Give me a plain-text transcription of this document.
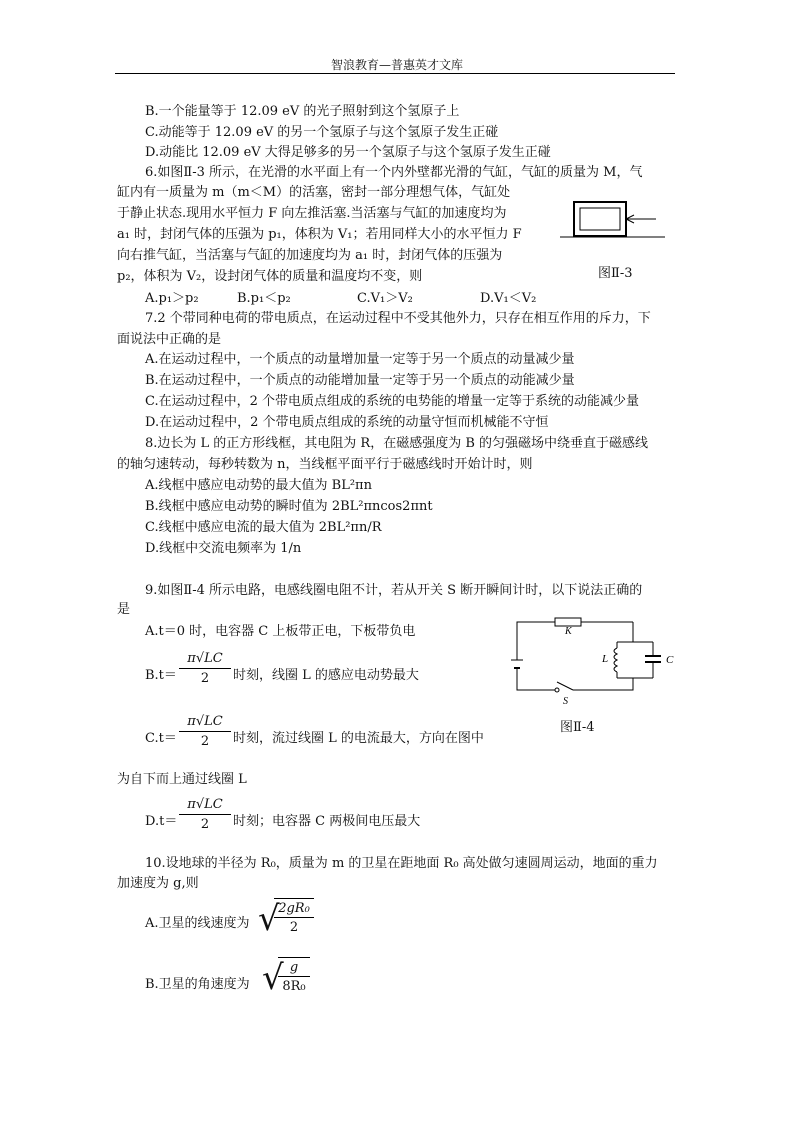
智浪教育—普惠英才文库
B.一个能量等于 12.09 eV 的光子照射到这个氢原子上
C.动能等于 12.09 eV 的另一个氢原子与这个氢原子发生正碰
D.动能比 12.09 eV 大得足够多的另一个氢原子与这个氢原子发生正碰
6.如图Ⅱ-3 所示，在光滑的水平面上有一个内外壁都光滑的气缸，气缸的质量为 M，气
缸内有一质量为 m（m＜M）的活塞，密封一部分理想气体，气缸处
于静止状态.现用水平恒力 F 向左推活塞.当活塞与气缸的加速度均为
a₁ 时，封闭气体的压强为 p₁，体积为 V₁；若用同样大小的水平恒力 F
向右推气缸，当活塞与气缸的加速度均为 a₁ 时，封闭气体的压强为
p₂，体积为 V₂，设封闭气体的质量和温度均不变，则	图Ⅱ-3
A.p₁＞p₂	B.p₁＜p₂	C.V₁＞V₂	D.V₁＜V₂
7.2 个带同种电荷的带电质点，在运动过程中不受其他外力，只存在相互作用的斥力，下
面说法中正确的是
A.在运动过程中，一个质点的动量增加量一定等于另一个质点的动量减少量
B.在运动过程中，一个质点的动能增加量一定等于另一个质点的动能减少量
C.在运动过程中，2 个带电质点组成的系统的电势能的增量一定等于系统的动能减少量
D.在运动过程中，2 个带电质点组成的系统的动量守恒而机械能不守恒
8.边长为 L 的正方形线框，其电阻为 R，在磁感强度为 B 的匀强磁场中绕垂直于磁感线
的轴匀速转动，每秒转数为 n，当线框平面平行于磁感线时开始计时，则
A.线框中感应电动势的最大值为 BL²πn
B.线框中感应电动势的瞬时值为 2BL²πncos2πnt
C.线框中感应电流的最大值为 2BL²πn/R
D.线框中交流电频率为 1/n
9.如图Ⅱ-4 所示电路，电感线圈电阻不计，若从开关 S 断开瞬间计时，以下说法正确的
是
A.t＝0 时，电容器 C 上板带正电，下板带负电
$B.t= \frac{\pi√LC}{2}$ 时刻，线圈 L 的感应电动势最大
$C.t= \frac{\pi√LC}{2}$ 时刻，流过线圈 L 的电流最大，方向在图中
为自下而上通过线圈 L
$D.t= \frac{\pi√LC}{2}$ 时刻；电容器 C 两极间电压最大
K
L	C
S
图Ⅱ-4
10.设地球的半径为 R₀，质量为 m 的卫星在距地面 R₀ 高处做匀速圆周运动，地面的重力
加速度为 g,则
A.卫星的线速度为 √
$\frac{\text{2gR₀}}{2}$
B.卫星的角速度为 √
$\frac{g}{\text{8R₀}}$
